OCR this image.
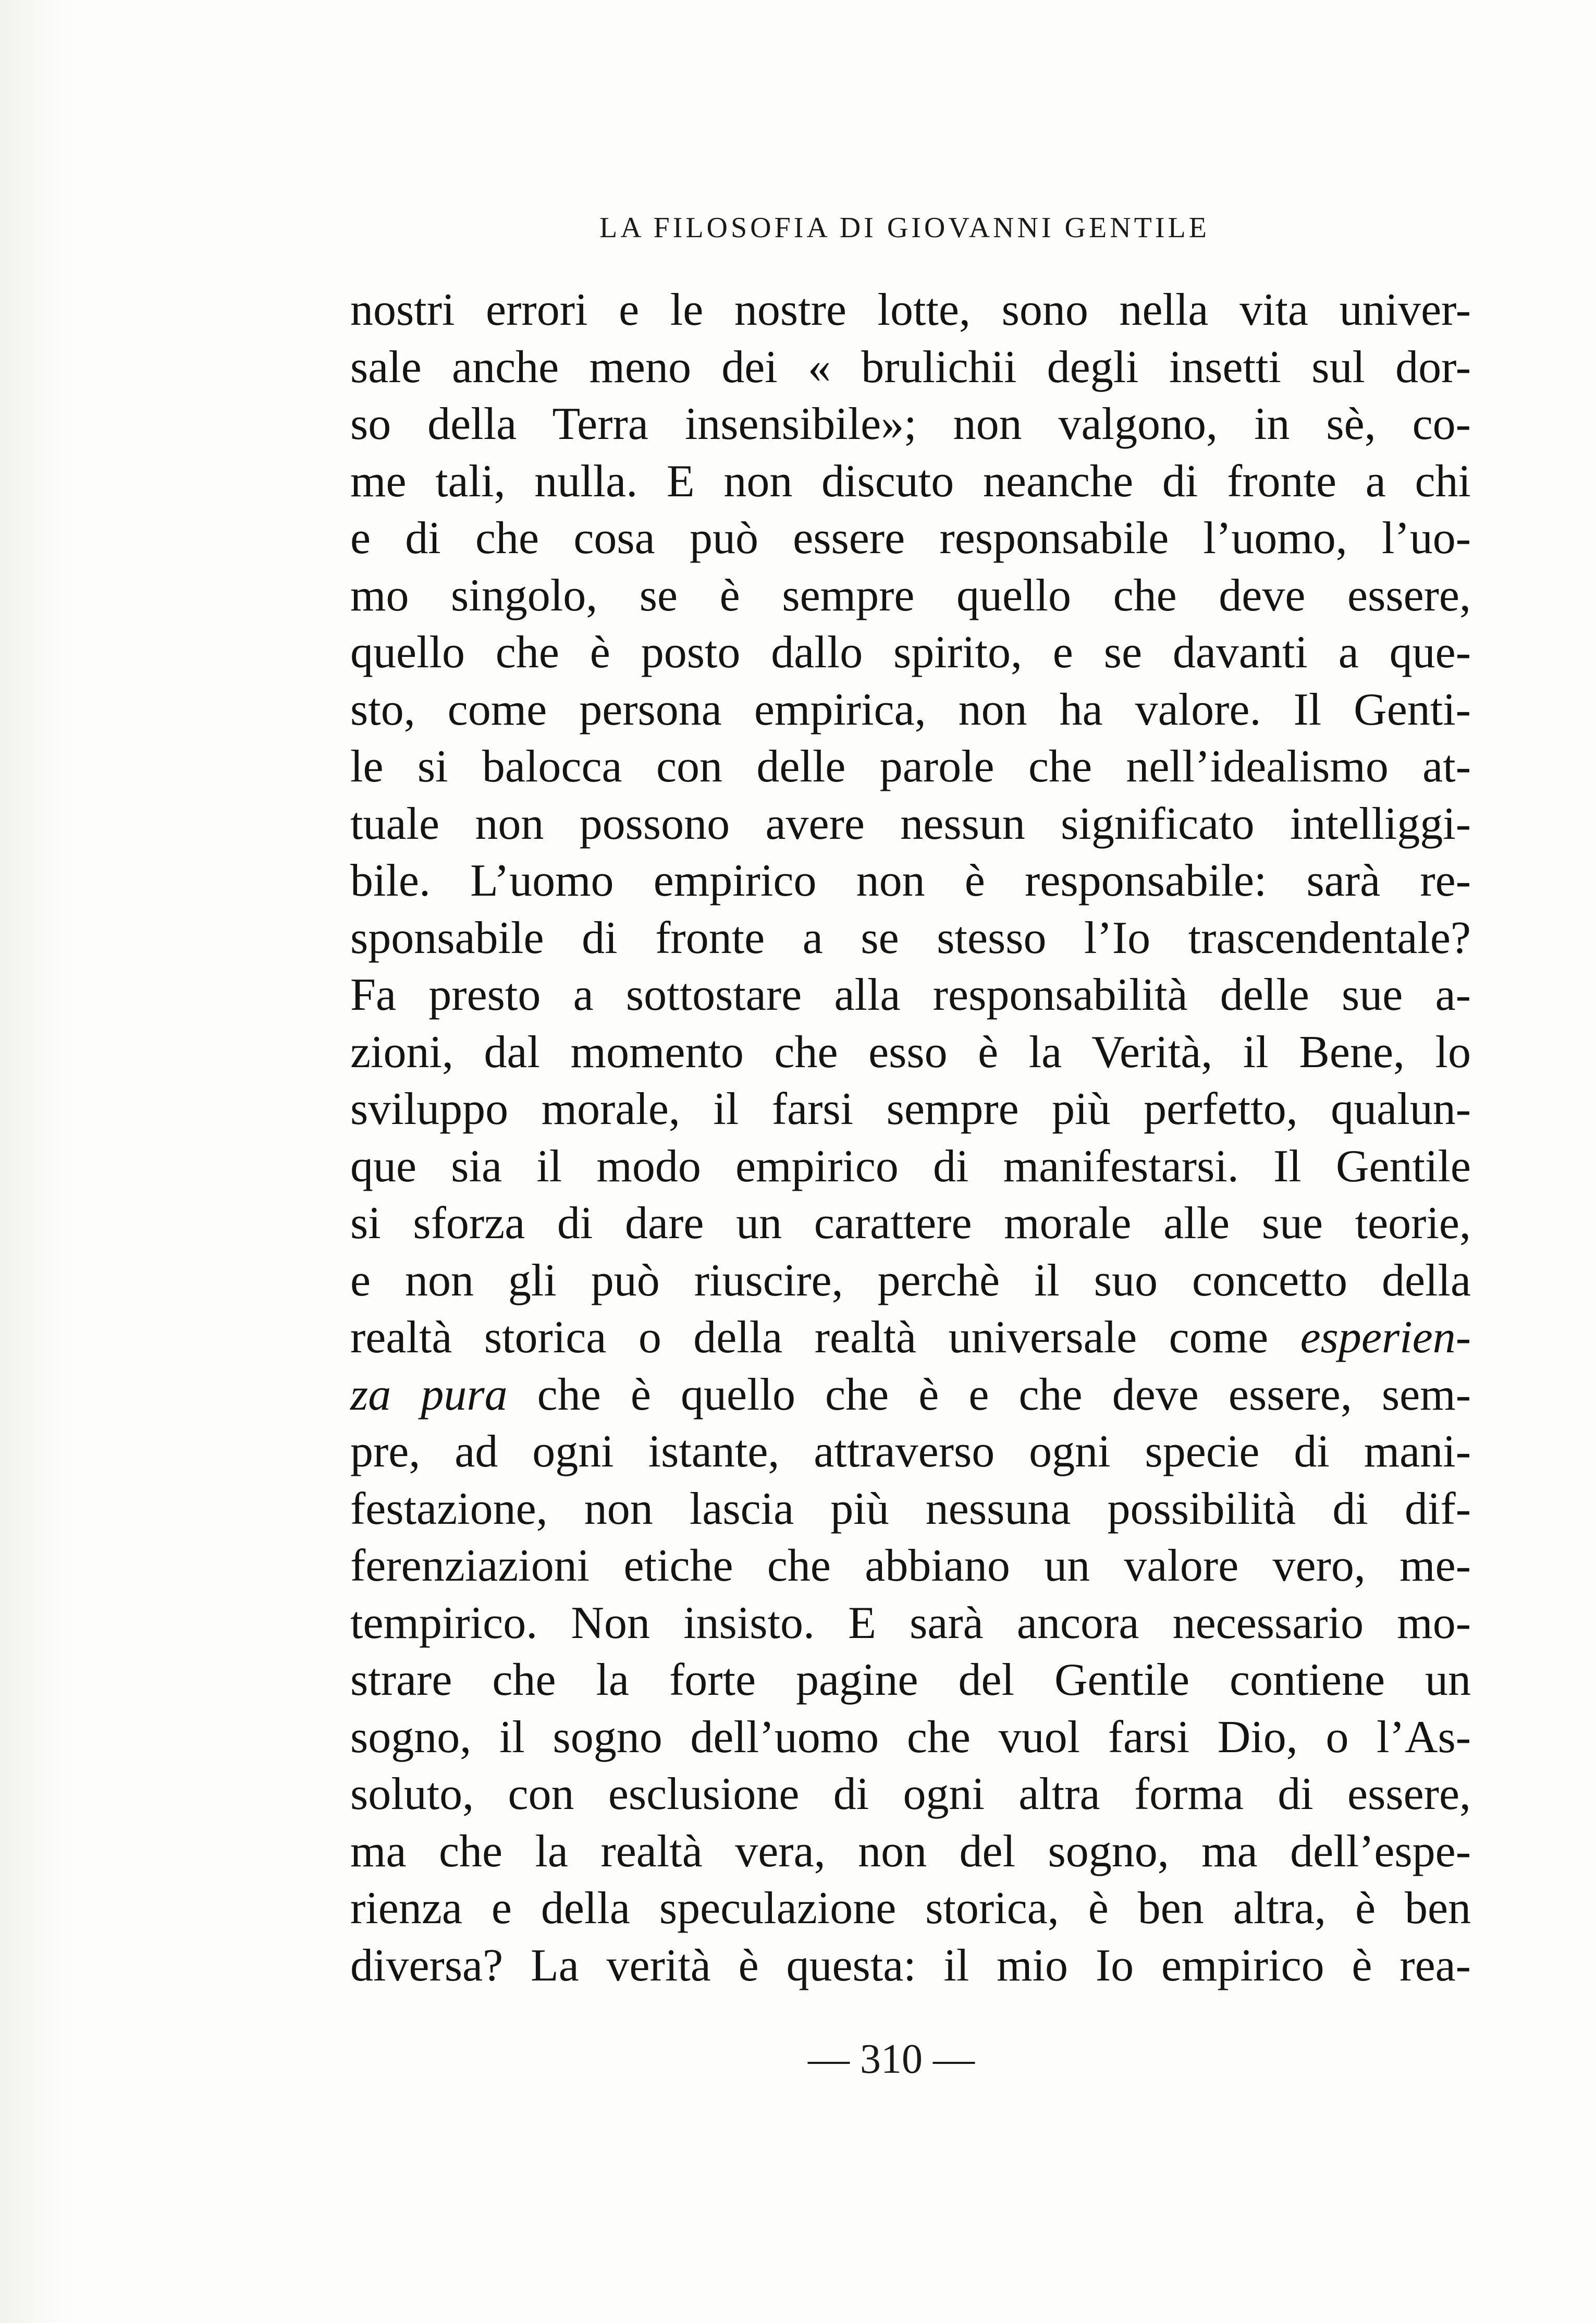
LA FILOSOFIA DI GIOVANNI GENTILE
nostri errori e le nostre lotte, sono nella vita univer-
sale anche meno dei « brulichii degli insetti sul dor-
so della Terra insensibile»; non valgono, in sè, co-
me tali, nulla. E non discuto neanche di fronte a chi
e di che cosa può essere responsabile l’uomo, l’uo-
mo singolo, se è sempre quello che deve essere,
quello che è posto dallo spirito, e se davanti a que-
sto, come persona empirica, non ha valore. Il Genti-
le si balocca con delle parole che nell’idealismo at-
tuale non possono avere nessun significato intelliggi-
bile. L’uomo empirico non è responsabile: sarà re-
sponsabile di fronte a se stesso l’Io trascendentale?
Fa presto a sottostare alla responsabilità delle sue a-
zioni, dal momento che esso è la Verità, il Bene, lo
sviluppo morale, il farsi sempre più perfetto, qualun-
que sia il modo empirico di manifestarsi. Il Gentile
si sforza di dare un carattere morale alle sue teorie,
e non gli può riuscire, perchè il suo concetto della
realtà storica o della realtà universale come esperien-
za pura che è quello che è e che deve essere, sem-
pre, ad ogni istante, attraverso ogni specie di mani-
festazione, non lascia più nessuna possibilità di dif-
ferenziazioni etiche che abbiano un valore vero, me-
tempirico. Non insisto. E sarà ancora necessario mo-
strare che la forte pagine del Gentile contiene un
sogno, il sogno dell’uomo che vuol farsi Dio, o l’As-
soluto, con esclusione di ogni altra forma di essere,
ma che la realtà vera, non del sogno, ma dell’espe-
rienza e della speculazione storica, è ben altra, è ben
diversa? La verità è questa: il mio Io empirico è rea-
— 310 —
